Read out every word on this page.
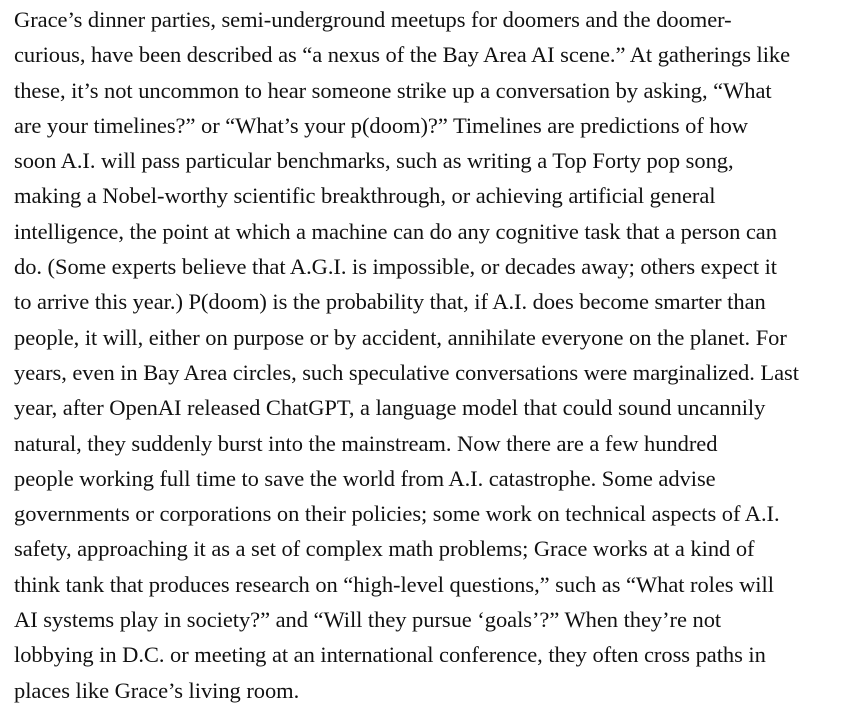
Grace’s dinner parties, semi-underground meetups for doomers and the doomer-
curious, have been described as “a nexus of the Bay Area AI scene.” At gatherings like
these, it’s not uncommon to hear someone strike up a conversation by asking, “What
are your timelines?” or “What’s your p(doom)?” Timelines are predictions of how
soon A.I. will pass particular benchmarks, such as writing a Top Forty pop song,
making a Nobel-worthy scientific breakthrough, or achieving artificial general
intelligence, the point at which a machine can do any cognitive task that a person can
do. (Some experts believe that A.G.I. is impossible, or decades away; others expect it
to arrive this year.) P(doom) is the probability that, if A.I. does become smarter than
people, it will, either on purpose or by accident, annihilate everyone on the planet. For
years, even in Bay Area circles, such speculative conversations were marginalized. Last
year, after OpenAI released ChatGPT, a language model that could sound uncannily
natural, they suddenly burst into the mainstream. Now there are a few hundred
people working full time to save the world from A.I. catastrophe. Some advise
governments or corporations on their policies; some work on technical aspects of A.I.
safety, approaching it as a set of complex math problems; Grace works at a kind of
think tank that produces research on “high-level questions,” such as “What roles will
AI systems play in society?” and “Will they pursue ‘goals’?” When they’re not
lobbying in D.C. or meeting at an international conference, they often cross paths in
places like Grace’s living room.
